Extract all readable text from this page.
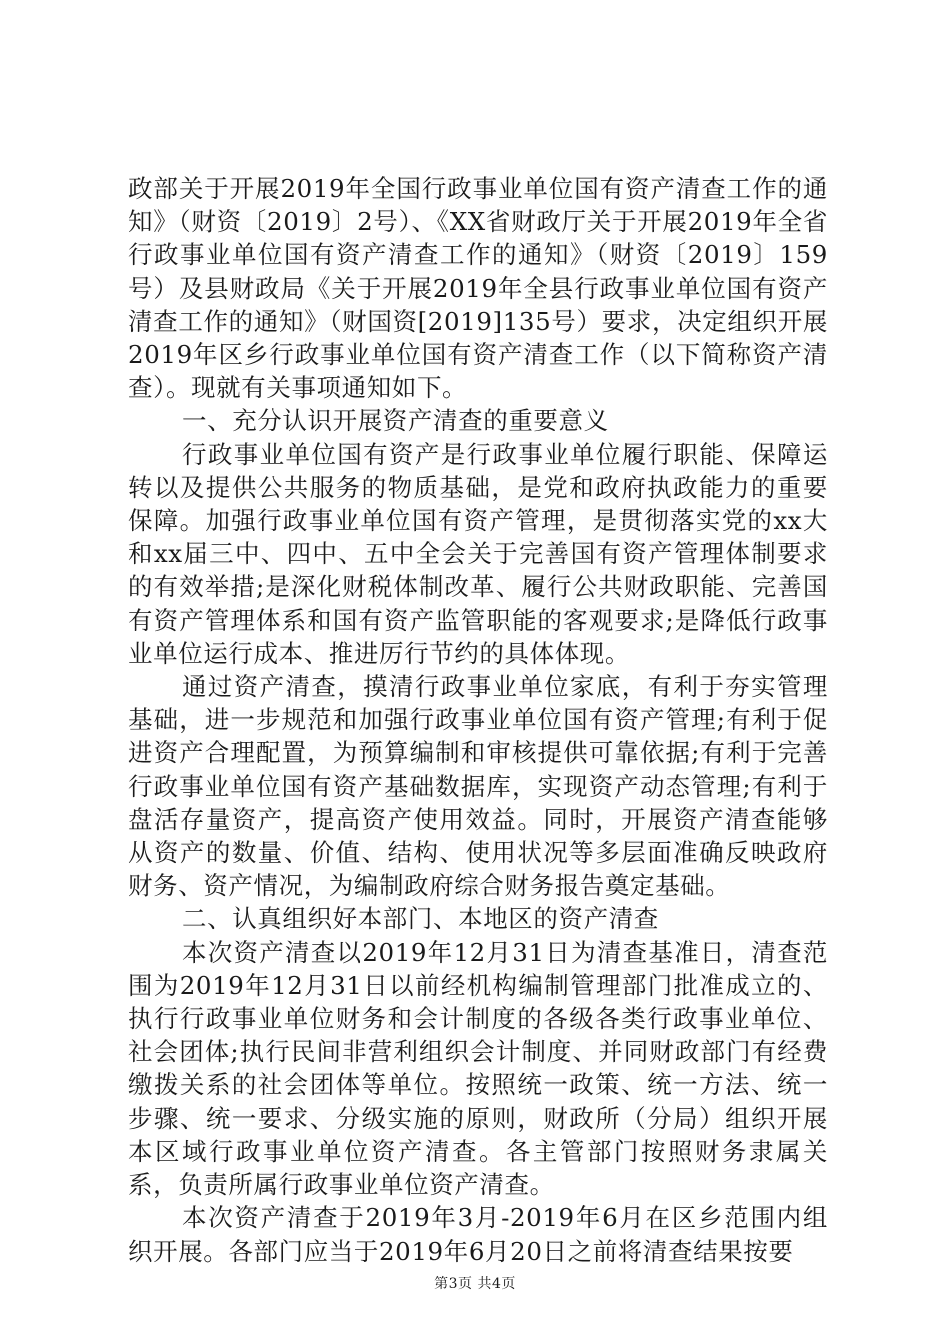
政部关于开展2019年全国行政事业单位国有资产清查工作的通知》（财资〔2019〕2号）、《XX省财政厅关于开展2019年全省行政事业单位国有资产清查工作的通知》（财资〔2019〕159号）及县财政局《关于开展2019年全县行政事业单位国有资产清查工作的通知》（财国资[2019]135号）要求，决定组织开展2019年区乡行政事业单位国有资产清查工作（以下简称资产清查）。现就有关事项通知如下。

一、充分认识开展资产清查的重要意义

行政事业单位国有资产是行政事业单位履行职能、保障运转以及提供公共服务的物质基础，是党和政府执政能力的重要保障。加强行政事业单位国有资产管理，是贯彻落实党的xx大和xx届三中、四中、五中全会关于完善国有资产管理体制要求的有效举措;是深化财税体制改革、履行公共财政职能、完善国有资产管理体系和国有资产监管职能的客观要求;是降低行政事业单位运行成本、推进厉行节约的具体体现。

通过资产清查，摸清行政事业单位家底，有利于夯实管理基础，进一步规范和加强行政事业单位国有资产管理;有利于促进资产合理配置，为预算编制和审核提供可靠依据;有利于完善行政事业单位国有资产基础数据库，实现资产动态管理;有利于盘活存量资产，提高资产使用效益。同时，开展资产清查能够从资产的数量、价值、结构、使用状况等多层面准确反映政府财务、资产情况，为编制政府综合财务报告奠定基础。

二、认真组织好本部门、本地区的资产清查

本次资产清查以2019年12月31日为清查基准日，清查范围为2019年12月31日以前经机构编制管理部门批准成立的、执行行政事业单位财务和会计制度的各级各类行政事业单位、社会团体;执行民间非营利组织会计制度、并同财政部门有经费缴拨关系的社会团体等单位。按照统一政策、统一方法、统一步骤、统一要求、分级实施的原则，财政所（分局）组织开展本区域行政事业单位资产清查。各主管部门按照财务隶属关系，负责所属行政事业单位资产清查。

本次资产清查于2019年3月-2019年6月在区乡范围内组织开展。各部门应当于2019年6月20日之前将清查结果按要

第3页 共4页
